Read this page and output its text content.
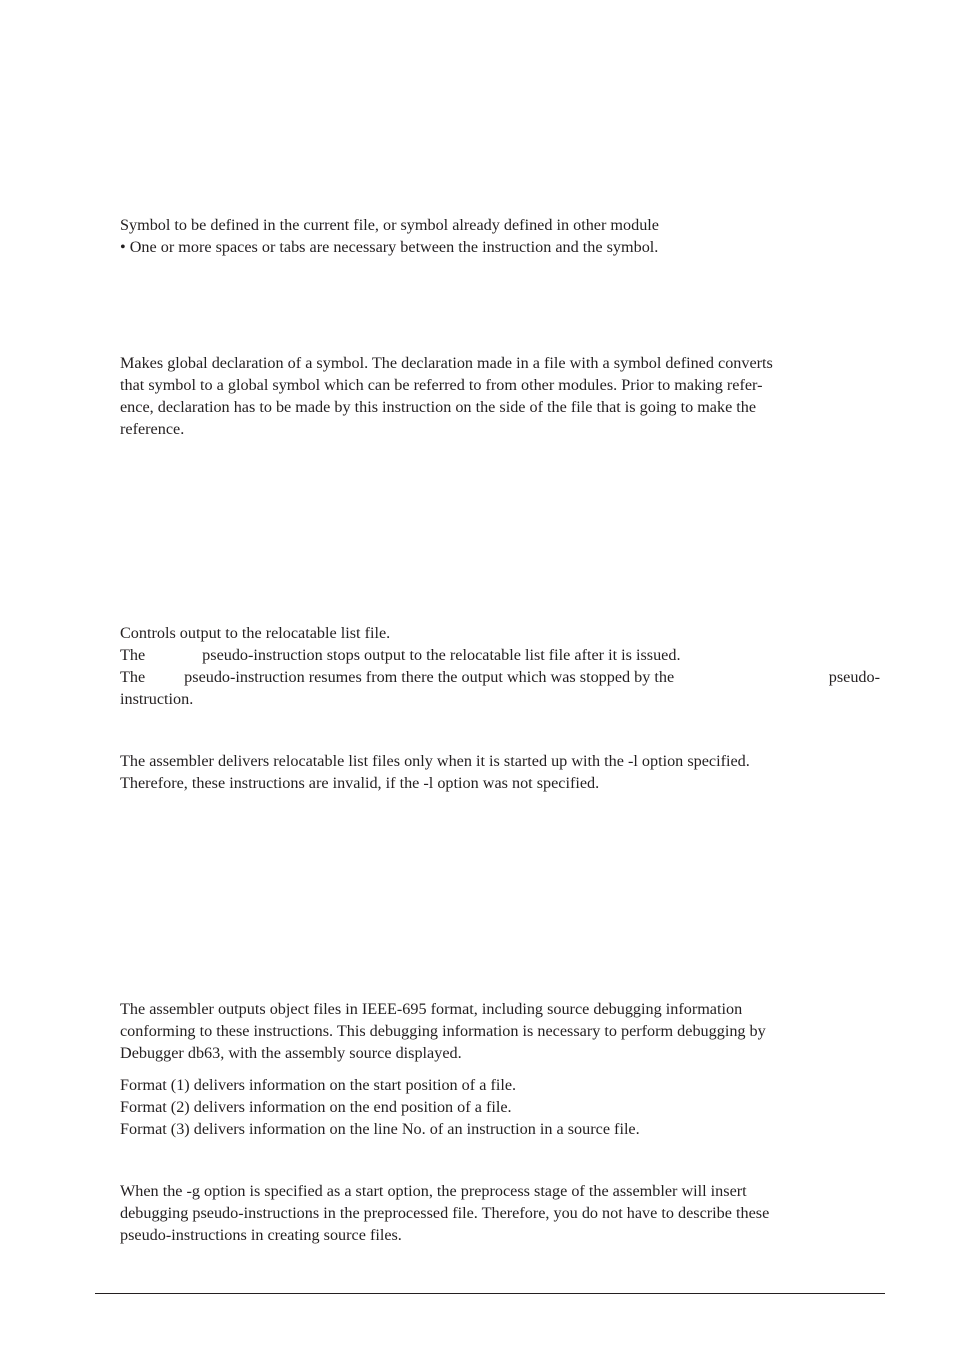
Symbol to be defined in the current file, or symbol already defined in other module
• One or more spaces or tabs are necessary between the instruction and the symbol.
Makes global declaration of a symbol. The declaration made in a file with a symbol defined converts
that symbol to a global symbol which can be referred to from other modules. Prior to making refer-
ence, declaration has to be made by this instruction on the side of the file that is going to make the
reference.
Controls output to the relocatable list file.
The	pseudo-instruction stops output to the relocatable list file after it is issued.
The pseudo-instruction resumes from there the output which was stopped by the	pseudo-
instruction.
The assembler delivers relocatable list files only when it is started up with the -l option specified.
Therefore, these instructions are invalid, if the -l option was not specified.
The assembler outputs object files in IEEE-695 format, including source debugging information
conforming to these instructions. This debugging information is necessary to perform debugging by
Debugger db63, with the assembly source displayed.
Format (1) delivers information on the start position of a file.
Format (2) delivers information on the end position of a file.
Format (3) delivers information on the line No. of an instruction in a source file.
When the -g option is specified as a start option, the preprocess stage of the assembler will insert
debugging pseudo-instructions in the preprocessed file. Therefore, you do not have to describe these
pseudo-instructions in creating source files.
